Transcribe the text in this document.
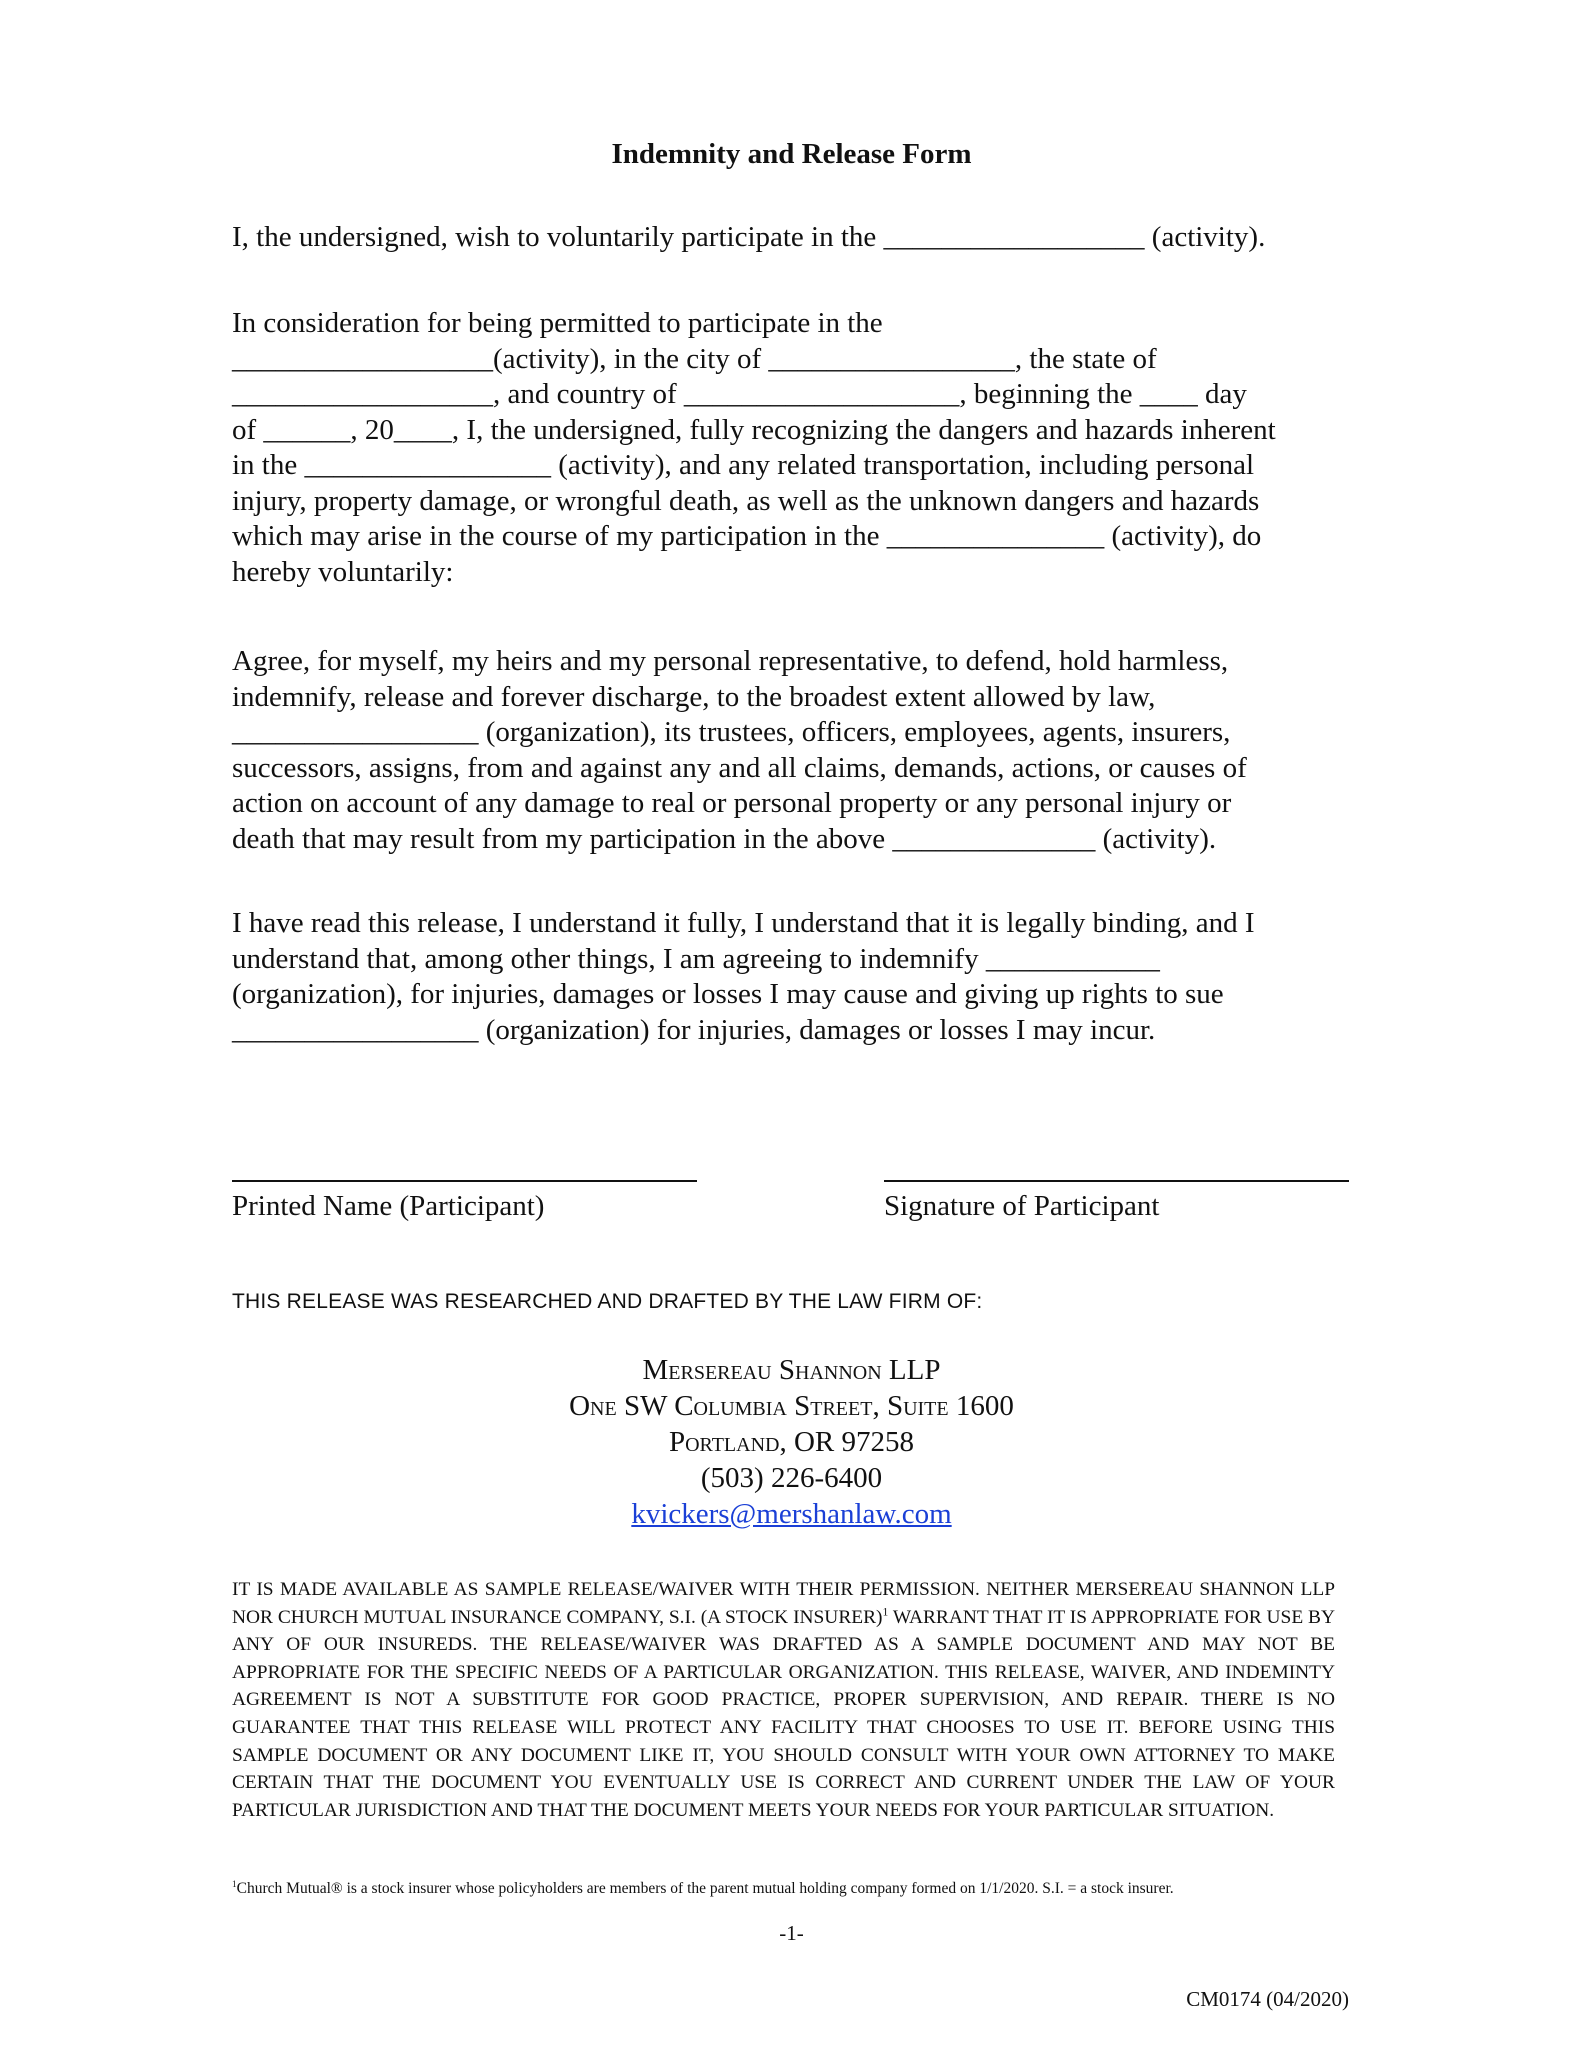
Indemnity and Release Form

I, the undersigned, wish to voluntarily participate in the __________________ (activity).

In consideration for being permitted to participate in the
__________________(activity), in the city of _________________, the state of
__________________, and country of ___________________, beginning the ____ day
of ______, 20____, I, the undersigned, fully recognizing the dangers and hazards inherent
in the _________________ (activity), and any related transportation, including personal
injury, property damage, or wrongful death, as well as the unknown dangers and hazards
which may arise in the course of my participation in the _______________ (activity), do
hereby voluntarily:

Agree, for myself, my heirs and my personal representative, to defend, hold harmless,
indemnify, release and forever discharge, to the broadest extent allowed by law,
_________________ (organization), its trustees, officers, employees, agents, insurers,
successors, assigns, from and against any and all claims, demands, actions, or causes of
action on account of any damage to real or personal property or any personal injury or
death that may result from my participation in the above ______________ (activity).

I have read this release, I understand it fully, I understand that it is legally binding, and I
understand that, among other things, I am agreeing to indemnify ____________
(organization), for injuries, damages or losses I may cause and giving up rights to sue
_________________ (organization) for injuries, damages or losses I may incur.

Printed Name (Participant)	Signature of Participant

THIS RELEASE WAS RESEARCHED AND DRAFTED BY THE LAW FIRM OF:

Mersereau Shannon LLP
One SW Columbia Street, Suite 1600
Portland, OR 97258
(503) 226-6400
kvickers@mershanlaw.com

IT IS MADE AVAILABLE AS SAMPLE RELEASE/WAIVER WITH THEIR PERMISSION. NEITHER MERSEREAU SHANNON LLP NOR CHURCH MUTUAL INSURANCE COMPANY, S.I. (A STOCK INSURER)$^1$ WARRANT THAT IT IS APPROPRIATE FOR USE BY ANY OF OUR INSUREDS. THE RELEASE/WAIVER WAS DRAFTED AS A SAMPLE DOCUMENT AND MAY NOT BE APPROPRIATE FOR THE SPECIFIC NEEDS OF A PARTICULAR ORGANIZATION. THIS RELEASE, WAIVER, AND INDEMINTY AGREEMENT IS NOT A SUBSTITUTE FOR GOOD PRACTICE, PROPER SUPERVISION, AND REPAIR. THERE IS NO GUARANTEE THAT THIS RELEASE WILL PROTECT ANY FACILITY THAT CHOOSES TO USE IT. BEFORE USING THIS SAMPLE DOCUMENT OR ANY DOCUMENT LIKE IT, YOU SHOULD CONSULT WITH YOUR OWN ATTORNEY TO MAKE CERTAIN THAT THE DOCUMENT YOU EVENTUALLY USE IS CORRECT AND CURRENT UNDER THE LAW OF YOUR PARTICULAR JURISDICTION AND THAT THE DOCUMENT MEETS YOUR NEEDS FOR YOUR PARTICULAR SITUATION.

$^1$Church Mutual® is a stock insurer whose policyholders are members of the parent mutual holding company formed on 1/1/2020. S.I. = a stock insurer.

-1-

CM0174 (04/2020)
